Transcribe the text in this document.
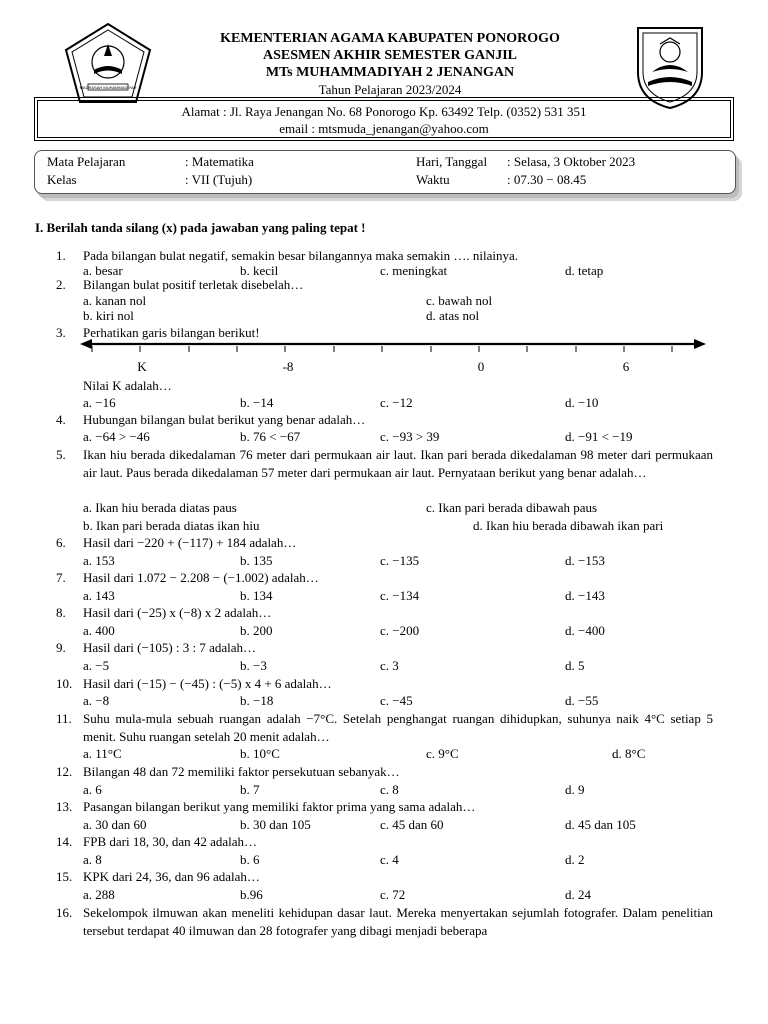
MADRASAH MUHAMMADIYAH
KEMENTERIAN AGAMA KABUPATEN PONOROGO
ASESMEN AKHIR SEMESTER GANJIL
MTs MUHAMMADIYAH 2 JENANGAN
Tahun Pelajaran 2023/2024
Alamat : Jl. Raya Jenangan No. 68 Ponorogo Kp. 63492 Telp. (0352) 531 351
email : mtsmuda_jenangan@yahoo.com
Mata Pelajaran	: Matematika
Kelas	: VII (Tujuh)
Hari, Tanggal : Selasa, 3 Oktober 2023
Waktu	: 07.30 − 08.45
I. Berilah tanda silang (x) pada jawaban yang paling tepat !
1. Pada bilangan bulat negatif, semakin besar bilangannya maka semakin …. nilainya.
a. besar	b. kecil	c. meningkat	d. tetap
2. Bilangan bulat positif terletak disebelah…
a. kanan nol
b. kiri nol
c. bawah nol
d. atas nol
3. Perhatikan garis bilangan berikut!
K	-8	0	6
Nilai K adalah…
a. −16	b. −14	c. −12	d. −10
4. Hubungan bilangan bulat berikut yang benar adalah…
a. −64 > −46	b. 76 < −67	c. −93 > 39	d. −91 < −19
5. Ikan hiu berada dikedalaman 76 meter dari permukaan air laut. Ikan pari berada dikedalaman 98 meter dari permukaan air laut. Paus berada dikedalaman 57 meter dari permukaan air laut. Pernyataan berikut yang benar adalah…
a. Ikan hiu berada diatas paus
b. Ikan pari berada diatas ikan hiu
c. Ikan pari berada dibawah paus
d. Ikan hiu berada dibawah ikan pari
6. Hasil dari −220 + (−117) + 184 adalah…
a. 153	b. 135	c. −135	d. −153
7. Hasil dari 1.072 − 2.208 − (−1.002) adalah…
a. 143	b. 134	c. −134	d. −143
8. Hasil dari (−25) x (−8) x 2 adalah…
a. 400	b. 200	c. −200	d. −400
9. Hasil dari (−105) : 3 : 7 adalah…
a. −5	b. −3	c. 3	d. 5
10. Hasil dari (−15) − (−45) : (−5) x 4 + 6 adalah…
a. −8	b. −18	c. −45	d. −55
11. Suhu mula-mula sebuah ruangan adalah −7°C. Setelah penghangat ruangan dihidupkan, suhunya naik 4°C setiap 5 menit. Suhu ruangan setelah 20 menit adalah…
a. 11°C	b. 10°C	c. 9°C	d. 8°C
12. Bilangan 48 dan 72 memiliki faktor persekutuan sebanyak…
a. 6	b. 7	c. 8	d. 9
13. Pasangan bilangan berikut yang memiliki faktor prima yang sama adalah…
a. 30 dan 60	b. 30 dan 105	c. 45 dan 60	d. 45 dan 105
14. FPB dari 18, 30, dan 42 adalah…
a. 8	b. 6	c. 4	d. 2
15. KPK dari 24, 36, dan 96 adalah…
a. 288	b.96	c. 72	d. 24
16. Sekelompok ilmuwan akan meneliti kehidupan dasar laut. Mereka menyertakan sejumlah fotografer. Dalam penelitian tersebut terdapat 40 ilmuwan dan 28 fotografer yang dibagi menjadi beberapa
